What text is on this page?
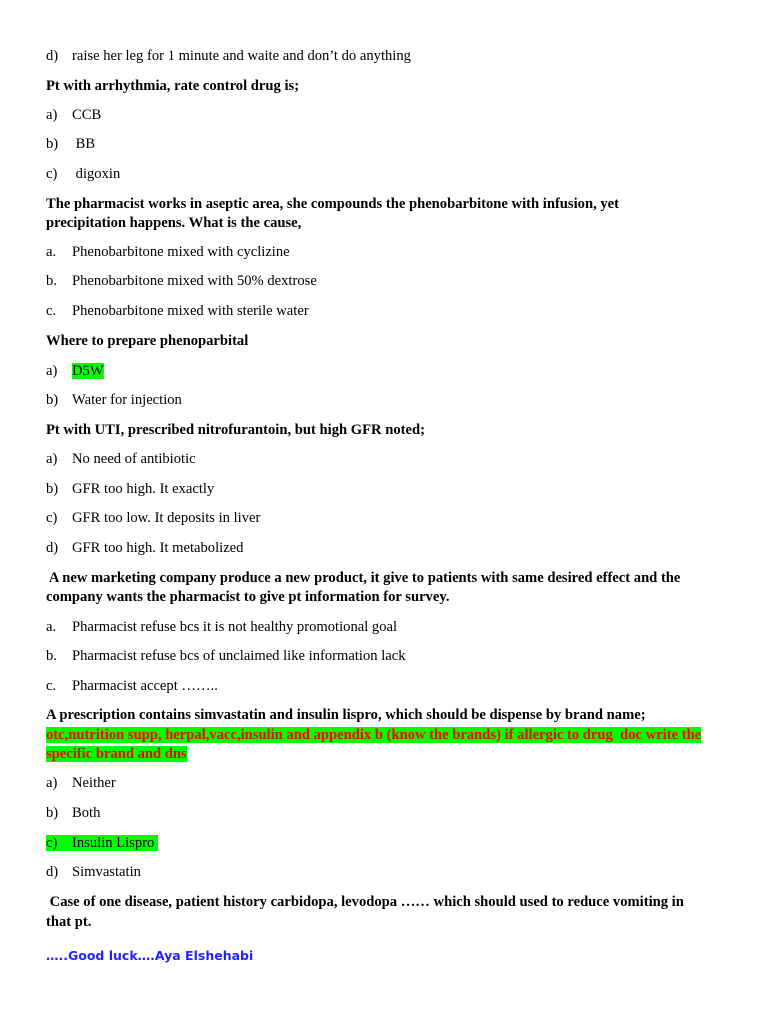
d) raise her leg for 1 minute and waite and don’t do anything
Pt with arrhythmia, rate control drug is;
a) CCB
b) BB
c) digoxin
The pharmacist works in aseptic area, she compounds the phenobarbitone with infusion, yet
precipitation happens. What is the cause,
a. Phenobarbitone mixed with cyclizine
b. Phenobarbitone mixed with 50% dextrose
c. Phenobarbitone mixed with sterile water
Where to prepare phenoparbital
a) D5W
b) Water for injection
Pt with UTI, prescribed nitrofurantoin, but high GFR noted;
a) No need of antibiotic
b) GFR too high. It exactly
c) GFR too low. It deposits in liver
d) GFR too high. It metabolized
A new marketing company produce a new product, it give to patients with same desired effect and the
company wants the pharmacist to give pt information for survey.
a. Pharmacist refuse bcs it is not healthy promotional goal
b. Pharmacist refuse bcs of unclaimed like information lack
c. Pharmacist accept ……..
A prescription contains simvastatin and insulin lispro, which should be dispense by brand name;
otc,nutrition supp, herpal,vacc,insulin and appendix b (know the brands) if allergic to drug  doc write the
specific brand and dns
a) Neither
b) Both
c) Insulin Lispro
d) Simvastatin
Case of one disease, patient history carbidopa, levodopa …… which should used to reduce vomiting in
that pt.
…..Good luck….Aya Elshehabi
